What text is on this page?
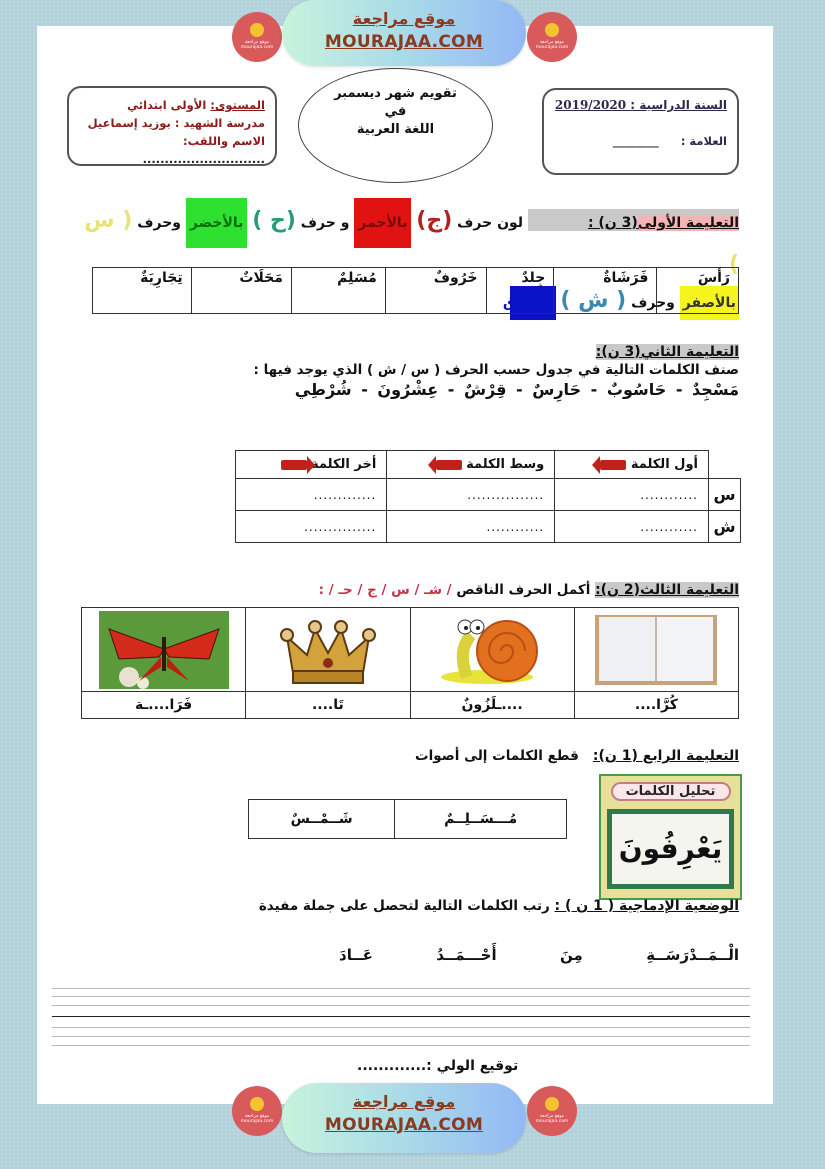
موقع مراجعة mourajaa.com
موقع مراجعة
MOURAJAA.COM	موقع مراجعة mourajaa.com
المستوى: الأولى ابتدائي
مدرسة الشهيد : بوزيد إسماعيل
الاسم واللقب: ............................
تقويم شهر ديسمبر
في
اللغة العربية
السنة الدراسية : 2019/2020
العلامة : ________
التعليمة الأولى(3 ن) : لون حرف (ج) بالأحمر و حرف (ح ) بالأخضر وحرف ( س )
بالأصفر وحرف ( ش ) بالأزرق
رَأسَ	فَرَشَاةٌ	جِلدٌ	خَرُوفٌ	مُسَلِمٌ	مَحَلَاتٌ	تِجَارِيَةٌ
التعليمة الثاني(3 ن):
صنف الكلمات التالية في جدول حسب الحرف ( س / ش ) الذي يوجد فيها :
مَسْجِدٌ - حَاسُوبٌ - حَارِسٌ - قِرْشٌ - عِشْرُونَ - شُرْطِي
	أول الكلمة	وسط الكلمة	أخر الكلمة
س	............	................	.............
ش	............	............	...............
التعليمة الثالث(2 ن): أكمل الحرف الناقص / شـ / س / ج / حـ / :

كُرَّا....	....ـلَزُونٌ	تَا....	فَرَا....ـة
التعليمة الرابع (1 ن):   قطع الكلمات إلى أصوات
مُـــسَــلِــمٌ	شَــمْــسٌ
تحليل الكلمات
يَعْرِفُونَ
الوضعية الإدماجية ( 1 ن ) : رتب الكلمات التالية لتحصل على جملة مفيدة
الْــمَــدْرَسَــةِ
مِنَ
أَحْـــمَــدُ
عَــادَ
توقيع الولي :.............
موقع مراجعة mourajaa.com
موقع مراجعة
MOURAJAA.COM	موقع مراجعة mourajaa.com
